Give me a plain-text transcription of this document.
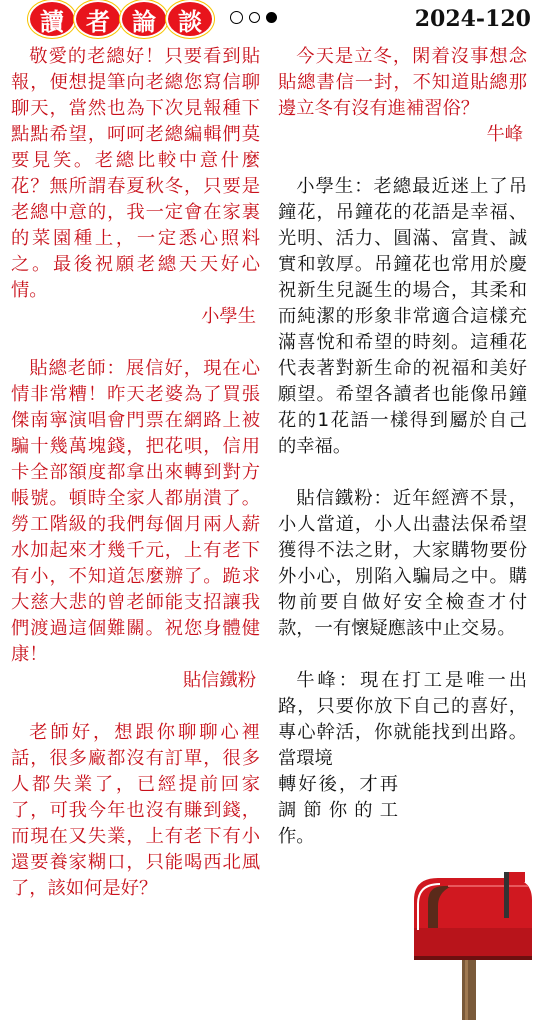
讀 者 論 談	2024-120

敬愛的老總好！只要看到貼報，便想提筆向老總您寫信聊聊天，當然也為下次見報種下點點希望，呵呵老總編輯們莫要見笑。老總比較中意什麼花？無所謂春夏秋冬，只要是老總中意的，我一定會在家裏的菜園種上，一定悉心照料之。最後祝願老總天天好心情。

小學生

貼總老師：展信好，現在心情非常糟！昨天老婆為了買張傑南寧演唱會門票在網路上被騙十幾萬塊錢，把花唄，信用卡全部額度都拿出來轉到對方帳號。頓時全家人都崩潰了。勞工階級的我們每個月兩人薪水加起來才幾千元，上有老下有小，不知道怎麼辦了。跪求大慈大悲的曾老師能支招讓我們渡過這個難關。祝您身體健康！

貼信鐵粉

老師好，想跟你聊聊心裡話，很多廠都沒有訂單，很多人都失業了，已經提前回家了，可我今年也沒有賺到錢，而現在又失業，上有老下有小還要養家糊口，只能喝西北風了，該如何是好？

今天是立冬，閑着沒事想念貼總書信一封，不知道貼總那邊立冬有沒有進補習俗？

牛峰

小學生：老總最近迷上了吊鐘花，吊鐘花的花語是幸福、光明、活力、圓滿、富貴、誠實和敦厚。吊鐘花也常用於慶祝新生兒誕生的場合，其柔和而純潔的形象非常適合這樣充滿喜悅和希望的時刻。這種花代表著對新生命的祝福和美好願望。希望各讀者也能像吊鐘花的1花語一樣得到屬於自己的幸福。

貼信鐵粉：近年經濟不景，小人當道，小人出盡法保希望獲得不法之財，大家購物要份外小心，別陷入騙局之中。購物前要自做好安全檢查才付款，一有懷疑應該中止交易。

牛峰：現在打工是唯一出路，只要你放下自己的喜好，專心幹活，你就能找到出路。當環境

轉好後，才再調節你的工作。
